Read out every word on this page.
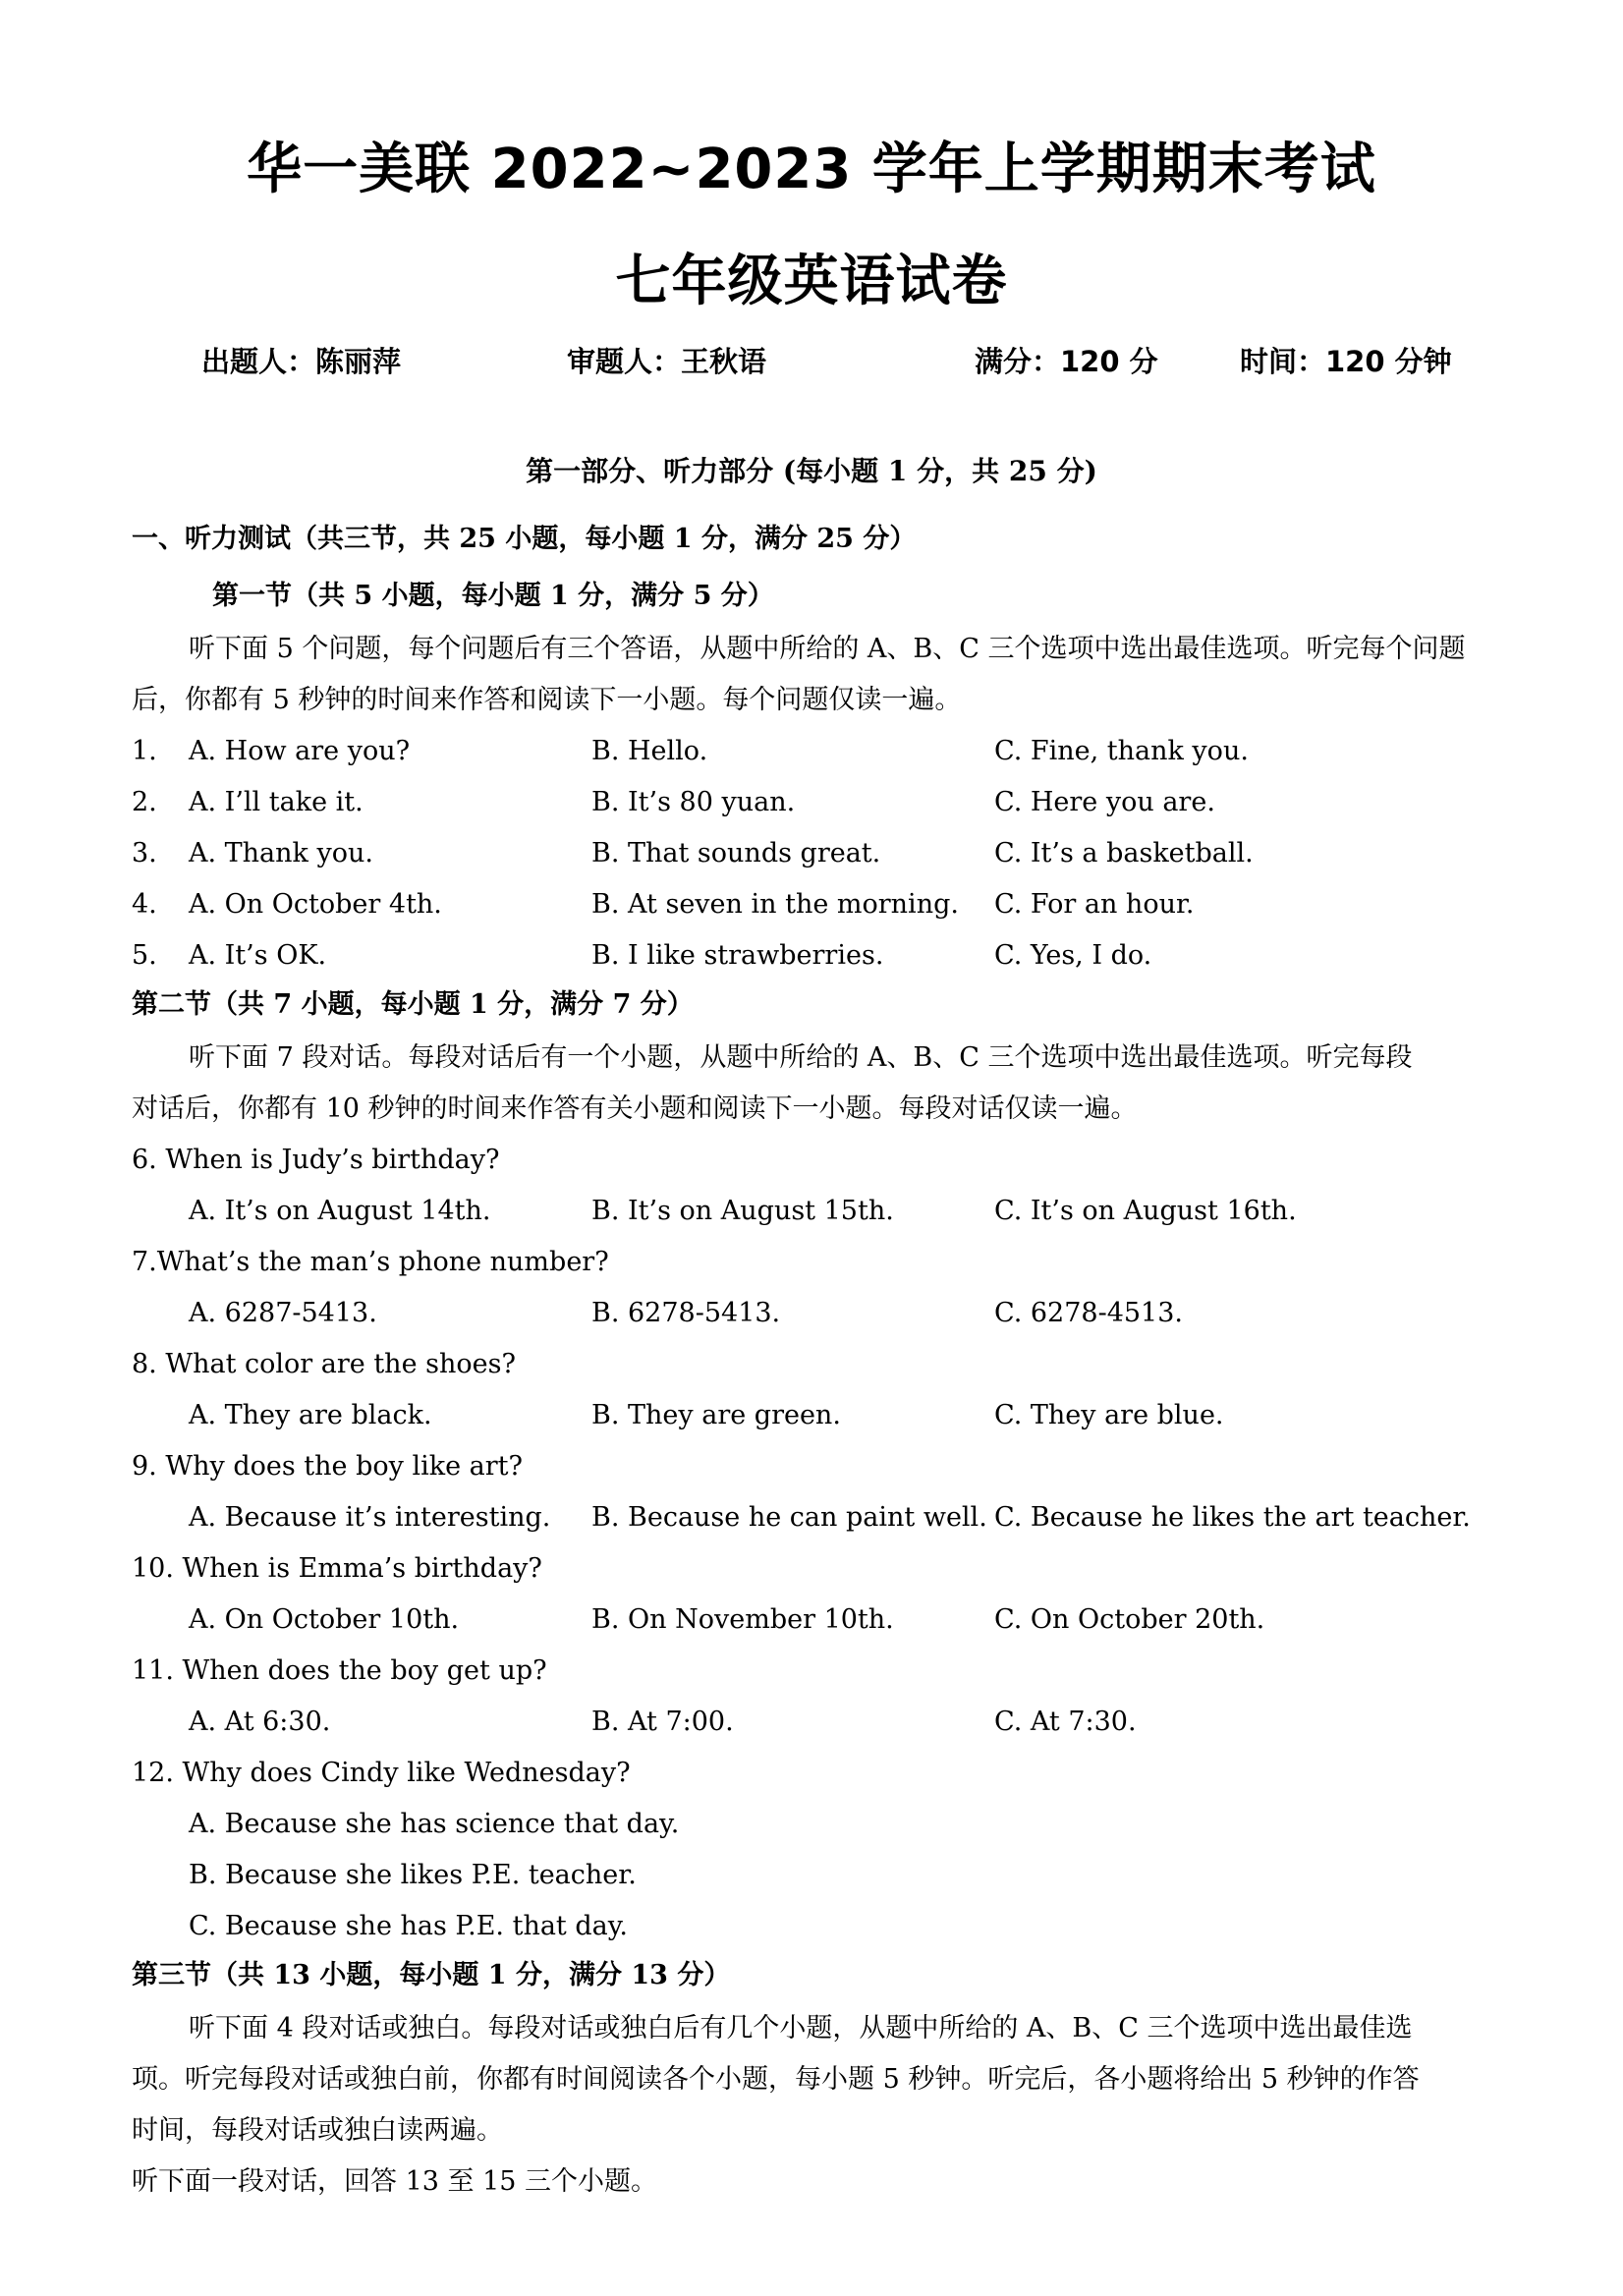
华一美联 2022~2023 学年上学期期末考试
七年级英语试卷
出题人：陈丽萍	审题人：王秋语	满分：120 分	时间：120 分钟
第一部分、听力部分 (每小题 1 分，共 25 分)
一、听力测试（共三节，共 25 小题，每小题 1 分，满分 25 分）
第一节（共 5 小题，每小题 1 分，满分 5 分）
听下面 5 个问题，每个问题后有三个答语，从题中所给的 A、B、C 三个选项中选出最佳选项。听完每个问题
后，你都有 5 秒钟的时间来作答和阅读下一小题。每个问题仅读一遍。
1. A. How are you?	B. Hello.	C. Fine, thank you.
2. A. I’ll take it.	B. It’s 80 yuan.	C. Here you are.
3. A. Thank you.	B. That sounds great.	C. It’s a basketball.
4. A. On October 4th.	B. At seven in the morning. C. For an hour.
5. A. It’s OK.	B. I like strawberries.	C. Yes, I do.
第二节（共 7 小题，每小题 1 分，满分 7 分）
听下面 7 段对话。每段对话后有一个小题，从题中所给的 A、B、C 三个选项中选出最佳选项。听完每段
对话后，你都有 10 秒钟的时间来作答有关小题和阅读下一小题。每段对话仅读一遍。
6. When is Judy’s birthday?
A. It’s on August 14th.	B. It’s on August 15th.	C. It’s on August 16th.
7.What’s the man’s phone number?
A. 6287-5413.	B. 6278-5413.	C. 6278-4513.
8. What color are the shoes?
A. They are black.	B. They are green.	C. They are blue.
9. Why does the boy like art?
A. Because it’s interesting. B. Because he can paint well. C. Because he likes the art teacher.
10. When is Emma’s birthday?
A. On October 10th.	B. On November 10th.	C. On October 20th.
11. When does the boy get up?
A. At 6:30.	B. At 7:00.	C. At 7:30.
12. Why does Cindy like Wednesday?
A. Because she has science that day.
B. Because she likes P.E. teacher.
C. Because she has P.E. that day.
第三节（共 13 小题，每小题 1 分，满分 13 分）
听下面 4 段对话或独白。每段对话或独白后有几个小题，从题中所给的 A、B、C 三个选项中选出最佳选
项。听完每段对话或独白前，你都有时间阅读各个小题，每小题 5 秒钟。听完后，各小题将给出 5 秒钟的作答
时间，每段对话或独白读两遍。
听下面一段对话，回答 13 至 15 三个小题。
